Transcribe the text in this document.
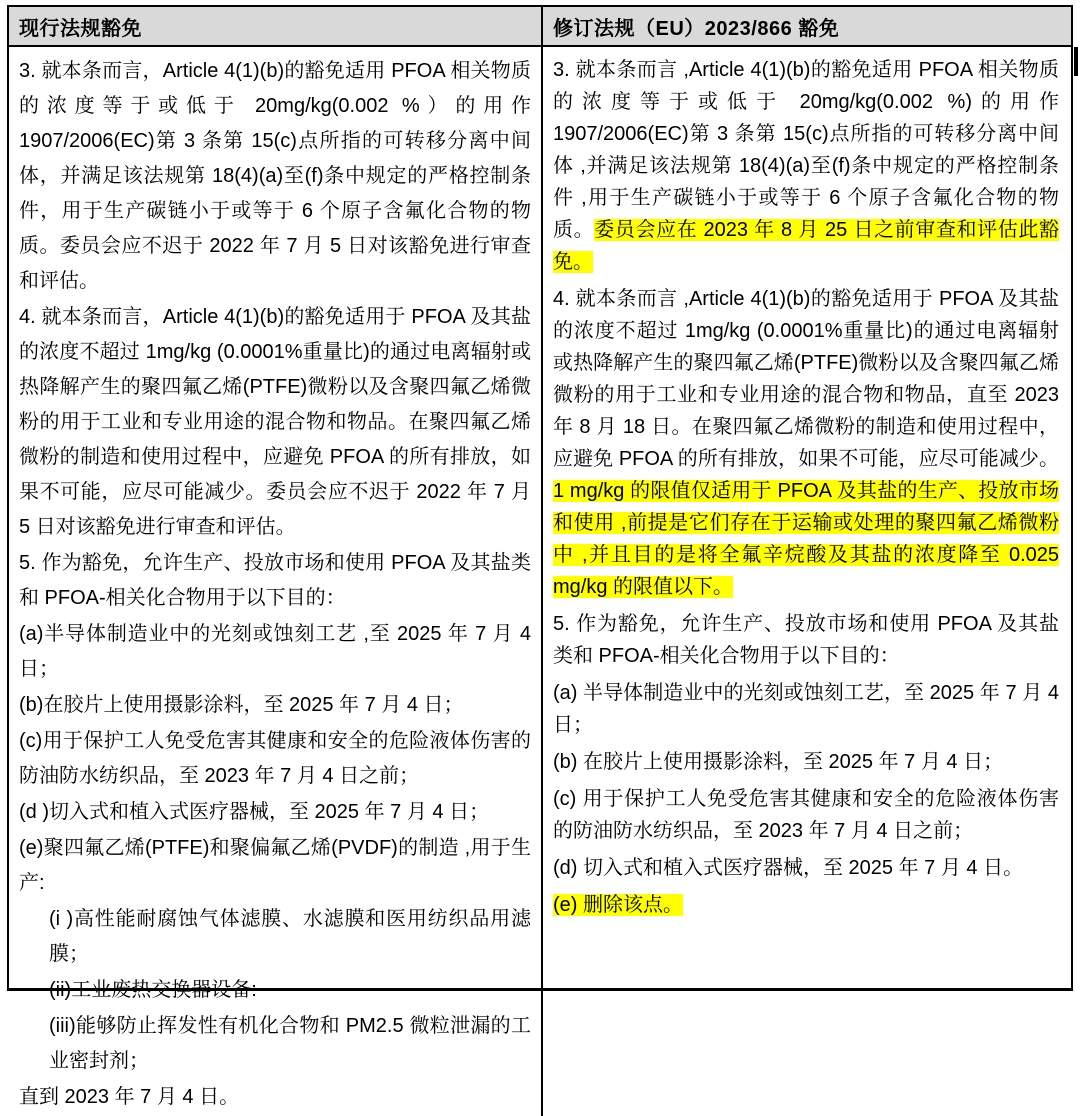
现行法规豁免	修订法规（EU）2023/866 豁免

3. 就本条而言，Article 4(1)(b)的豁免适用 PFOA 相关物质的浓度等于或低于 20mg/kg(0.002 %）的用作 1907/2006(EC)第 3 条第 15(c)点所指的可转移分离中间体，并满足该法规第 18(4)(a)至(f)条中规定的严格控制条件，用于生产碳链小于或等于 6 个原子含氟化合物的物质。委员会应不迟于 2022 年 7 月 5 日对该豁免进行审查和评估。

4. 就本条而言，Article 4(1)(b)的豁免适用于 PFOA 及其盐的浓度不超过 1mg/kg (0.0001%重量比)的通过电离辐射或热降解产生的聚四氟乙烯(PTFE)微粉以及含聚四氟乙烯微粉的用于工业和专业用途的混合物和物品。在聚四氟乙烯微粉的制造和使用过程中，应避免 PFOA 的所有排放，如果不可能，应尽可能减少。委员会应不迟于 2022 年 7 月 5 日对该豁免进行审查和评估。

5. 作为豁免，允许生产、投放市场和使用 PFOA 及其盐类和 PFOA-相关化合物用于以下目的：

(a)半导体制造业中的光刻或蚀刻工艺 ,至 2025 年 7 月 4 日；

(b)在胶片上使用摄影涂料，至 2025 年 7 月 4 日；

(c)用于保护工人免受危害其健康和安全的危险液体伤害的防油防水纺织品，至 2023 年 7 月 4 日之前；

(d )切入式和植入式医疗器械，至 2025 年 7 月 4 日；

(e)聚四氟乙烯(PTFE)和聚偏氟乙烯(PVDF)的制造 ,用于生产:

(i )高性能耐腐蚀气体滤膜、水滤膜和医用纺织品用滤膜；

(ii)工业废热交换器设备:

(iii)能够防止挥发性有机化合物和 PM2.5 微粒泄漏的工业密封剂；

直到 2023 年 7 月 4 日。

3. 就本条而言 ,Article 4(1)(b)的豁免适用 PFOA 相关物质的浓度等于或低于 20mg/kg(0.002 %)的用作 1907/2006(EC)第 3 条第 15(c)点所指的可转移分离中间体 ,并满足该法规第 18(4)(a)至(f)条中规定的严格控制条件 ,用于生产碳链小于或等于 6 个原子含氟化合物的物质。委员会应在 2023 年 8 月 25 日之前审查和评估此豁免。

4. 就本条而言 ,Article 4(1)(b)的豁免适用于 PFOA 及其盐的浓度不超过 1mg/kg (0.0001%重量比)的通过电离辐射或热降解产生的聚四氟乙烯(PTFE)微粉以及含聚四氟乙烯微粉的用于工业和专业用途的混合物和物品，直至 2023 年 8 月 18 日。在聚四氟乙烯微粉的制造和使用过程中，应避免 PFOA 的所有排放，如果不可能，应尽可能减少。1 mg/kg 的限值仅适用于 PFOA 及其盐的生产、投放市场和使用 ,前提是它们存在于运输或处理的聚四氟乙烯微粉中 ,并且目的是将全氟辛烷酸及其盐的浓度降至 0.025 mg/kg 的限值以下。

5. 作为豁免，允许生产、投放市场和使用 PFOA 及其盐类和 PFOA-相关化合物用于以下目的：

(a) 半导体制造业中的光刻或蚀刻工艺，至 2025 年 7 月 4 日；

(b) 在胶片上使用摄影涂料，至 2025 年 7 月 4 日；

(c) 用于保护工人免受危害其健康和安全的危险液体伤害的防油防水纺织品，至 2023 年 7 月 4 日之前；

(d) 切入式和植入式医疗器械，至 2025 年 7 月 4 日。

(e) 删除该点。
